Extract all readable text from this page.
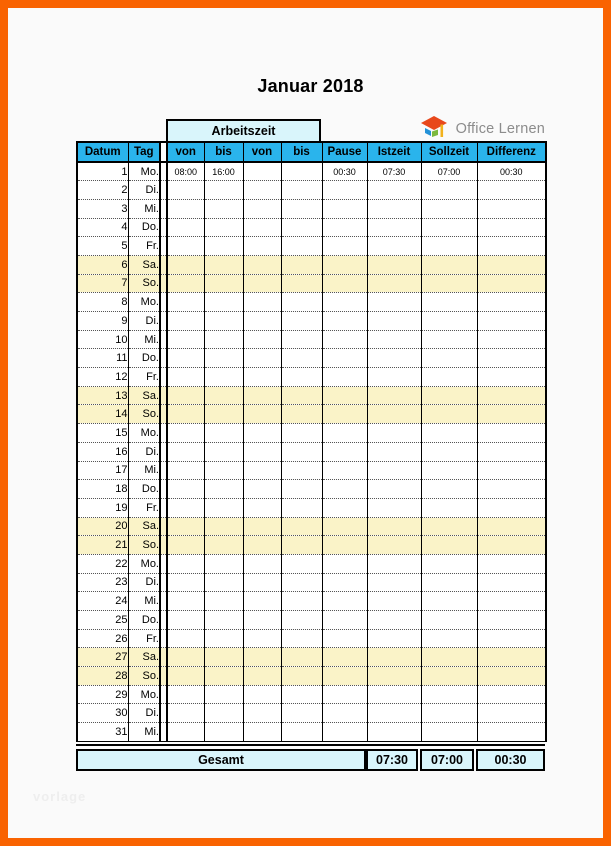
Januar 2018
Arbeitszeit	Office Lernen
Datum	Tag		von	bis	von	bis	Pause	Istzeit	Sollzeit	Differenz
1	Mo.		08:00	16:00			00:30	07:30	07:00	00:30
2	Di.									
3	Mi.									
4	Do.									
5	Fr.									
6	Sa.									
7	So.									
8	Mo.									
9	Di.									
10	Mi.									
11	Do.									
12	Fr.									
13	Sa.									
14	So.									
15	Mo.									
16	Di.									
17	Mi.									
18	Do.									
19	Fr.									
20	Sa.									
21	So.									
22	Mo.									
23	Di.									
24	Mi.									
25	Do.									
26	Fr.									
27	Sa.									
28	So.									
29	Mo.									
30	Di.									
31	Mi.									
Gesamt	07:30	07:00	00:30
vorlage
